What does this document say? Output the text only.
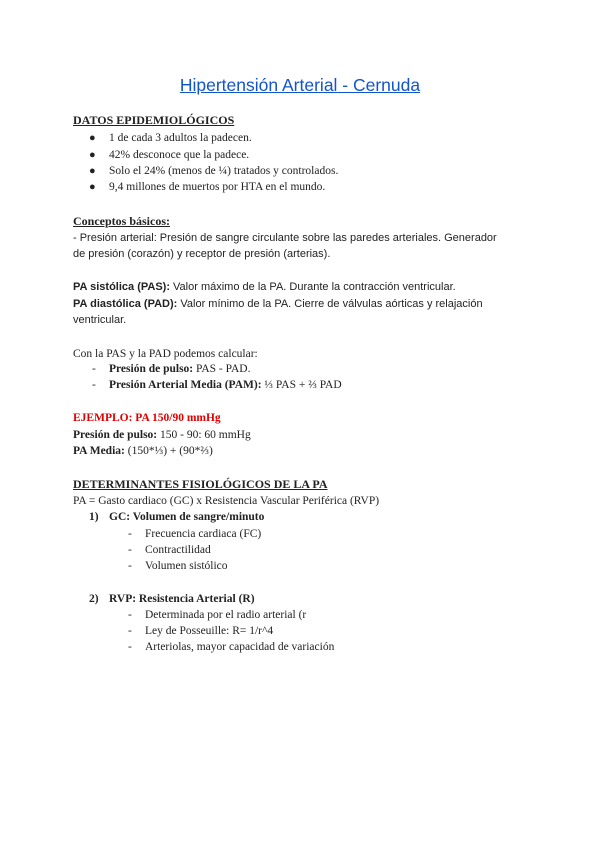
Hipertensión Arterial - Cernuda
DATOS EPIDEMIOLÓGICOS
● 1 de cada 3 adultos la padecen.
● 42% desconoce que la padece.
● Solo el 24% (menos de ¼) tratados y controlados.
● 9,4 millones de muertos por HTA en el mundo.
Conceptos básicos:
- Presión arterial: Presión de sangre circulante sobre las paredes arteriales. Generador
de presión (corazón) y receptor de presión (arterias).
PA sistólica (PAS): Valor máximo de la PA. Durante la contracción ventricular.
PA diastólica (PAD): Valor mínimo de la PA. Cierre de válvulas aórticas y relajación
ventricular.
Con la PAS y la PAD podemos calcular:
- Presión de pulso: PAS - PAD.
- Presión Arterial Media (PAM): ⅓ PAS + ⅔ PAD
EJEMPLO: PA 150/90 mmHg
Presión de pulso: 150 - 90: 60 mmHg
PA Media: (150*⅓) + (90*⅔)
DETERMINANTES FISIOLÓGICOS DE LA PA
PA = Gasto cardiaco (GC) x Resistencia Vascular Periférica (RVP)
1) GC: Volumen de sangre/minuto
- Frecuencia cardiaca (FC)
- Contractilidad
- Volumen sistólico
2) RVP: Resistencia Arterial (R)
- Determinada por el radio arterial (r
- Ley de Posseuille: R= 1/r^4
- Arteriolas, mayor capacidad de variación
